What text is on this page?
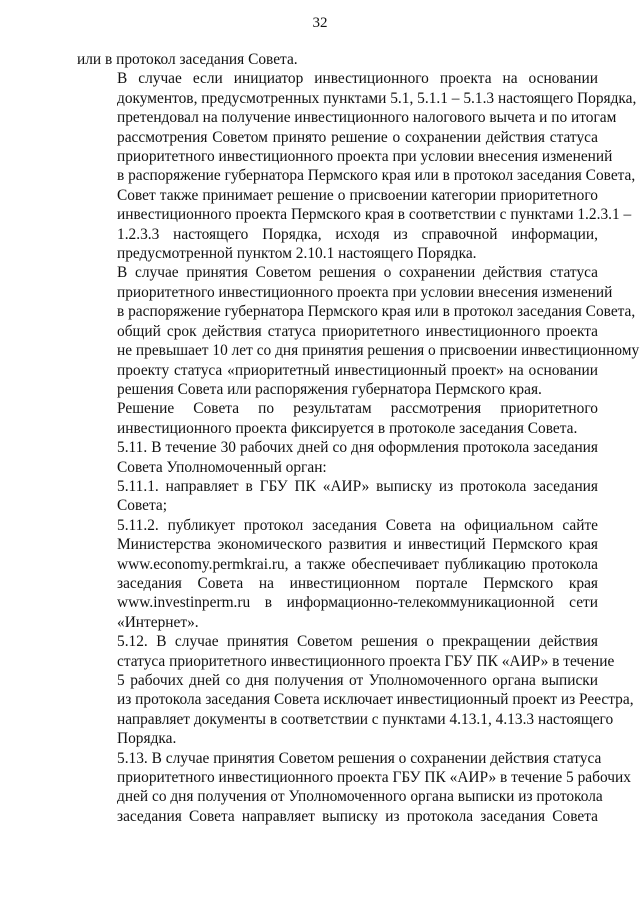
32

или в протокол заседания Совета.

В случае если инициатор инвестиционного проекта на основании
документов, предусмотренных пунктами 5.1, 5.1.1 – 5.1.3 настоящего Порядка,
претендовал на получение инвестиционного налогового вычета и по итогам
рассмотрения Советом принято решение о сохранении действия статуса
приоритетного инвестиционного проекта при условии внесения изменений
в распоряжение губернатора Пермского края или в протокол заседания Совета,
Совет также принимает решение о присвоении категории приоритетного
инвестиционного проекта Пермского края в соответствии с пунктами 1.2.3.1 –
1.2.3.3 настоящего Порядка, исходя из справочной информации,
предусмотренной пунктом 2.10.1 настоящего Порядка.

В случае принятия Советом решения о сохранении действия статуса
приоритетного инвестиционного проекта при условии внесения изменений
в распоряжение губернатора Пермского края или в протокол заседания Совета,
общий срок действия статуса приоритетного инвестиционного проекта
не превышает 10 лет со дня принятия решения о присвоении инвестиционному
проекту статуса «приоритетный инвестиционный проект» на основании
решения Совета или распоряжения губернатора Пермского края.

Решение Совета по результатам рассмотрения приоритетного
инвестиционного проекта фиксируется в протоколе заседания Совета.

5.11. В течение 30 рабочих дней со дня оформления протокола заседания
Совета Уполномоченный орган:

5.11.1. направляет в ГБУ ПК «АИР» выписку из протокола заседания
Совета;

5.11.2. публикует протокол заседания Совета на официальном сайте
Министерства экономического развития и инвестиций Пермского края
www.economy.permkrai.ru, а также обеспечивает публикацию протокола
заседания Совета на инвестиционном портале Пермского края
www.investinperm.ru в информационно-телекоммуникационной сети
«Интернет».

5.12. В случае принятия Советом решения о прекращении действия
статуса приоритетного инвестиционного проекта ГБУ ПК «АИР» в течение
5 рабочих дней со дня получения от Уполномоченного органа выписки
из протокола заседания Совета исключает инвестиционный проект из Реестра,
направляет документы в соответствии с пунктами 4.13.1, 4.13.3 настоящего
Порядка.

5.13. В случае принятия Советом решения о сохранении действия статуса
приоритетного инвестиционного проекта ГБУ ПК «АИР» в течение 5 рабочих
дней со дня получения от Уполномоченного органа выписки из протокола
заседания Совета направляет выписку из протокола заседания Совета
